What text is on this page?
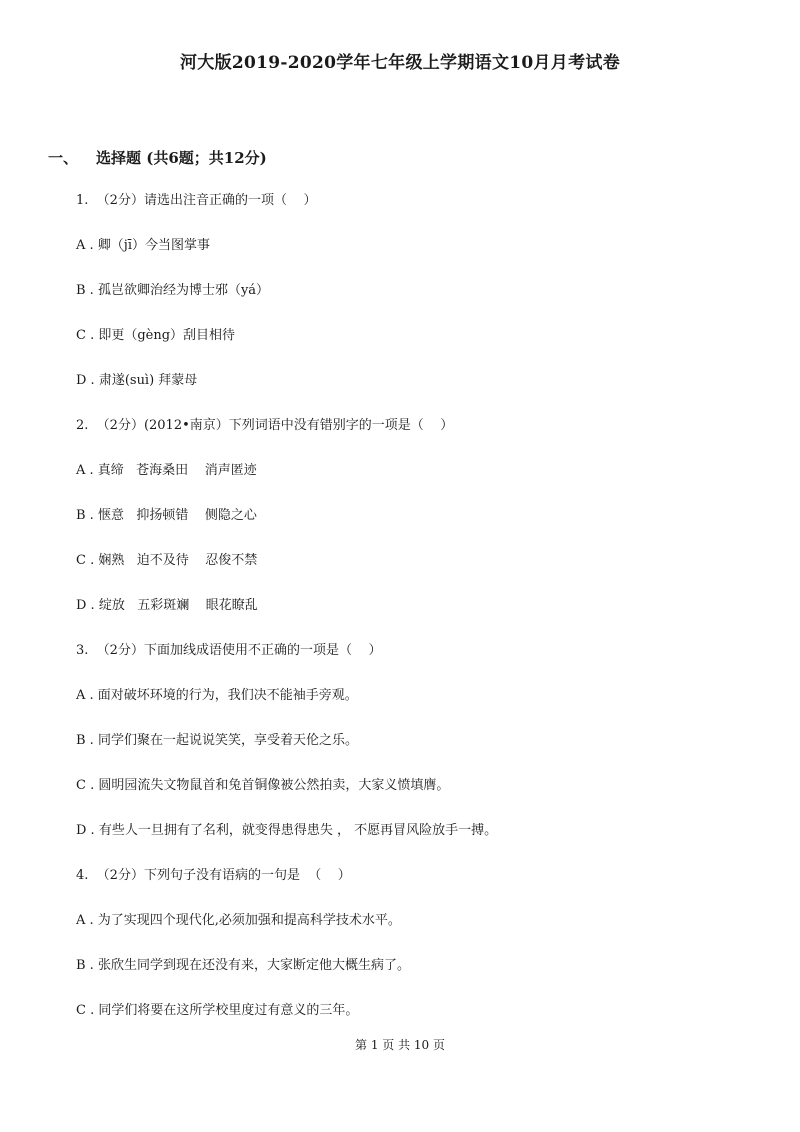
河大版2019-2020学年七年级上学期语文10月月考试卷
一、 选择题 (共6题；共12分)
1.  （2分）请选出注音正确的一项（    ）
A . 卿（jī）今当图掌事
B . 孤岂欲卿治经为博士邪（yá）
C . 即更（gèng）刮目相待
D . 肃遂(suì) 拜蒙母
2.  （2分）(2012•南京）下列词语中没有错别字的一项是（    ）
A . 真缔   苍海桑田    消声匿迹
B . 惬意   抑扬顿错    侧隐之心
C . 娴熟   迫不及待    忍俊不禁
D . 绽放   五彩斑斓    眼花瞭乱
3.  （2分）下面加线成语使用不正确的一项是（    ）
A . 面对破坏环境的行为，我们决不能袖手旁观。
B . 同学们聚在一起说说笑笑，享受着天伦之乐。
C . 圆明园流失文物鼠首和兔首铜像被公然拍卖，大家义愤填膺。
D . 有些人一旦拥有了名利，就变得患得患失 ， 不愿再冒风险放手一搏。
4.  （2分）下列句子没有语病的一句是  （    ）
A . 为了实现四个现代化,必须加强和提高科学技术水平。
B . 张欣生同学到现在还没有来，大家断定他大概生病了。
C . 同学们将要在这所学校里度过有意义的三年。
第 1 页 共 10 页
